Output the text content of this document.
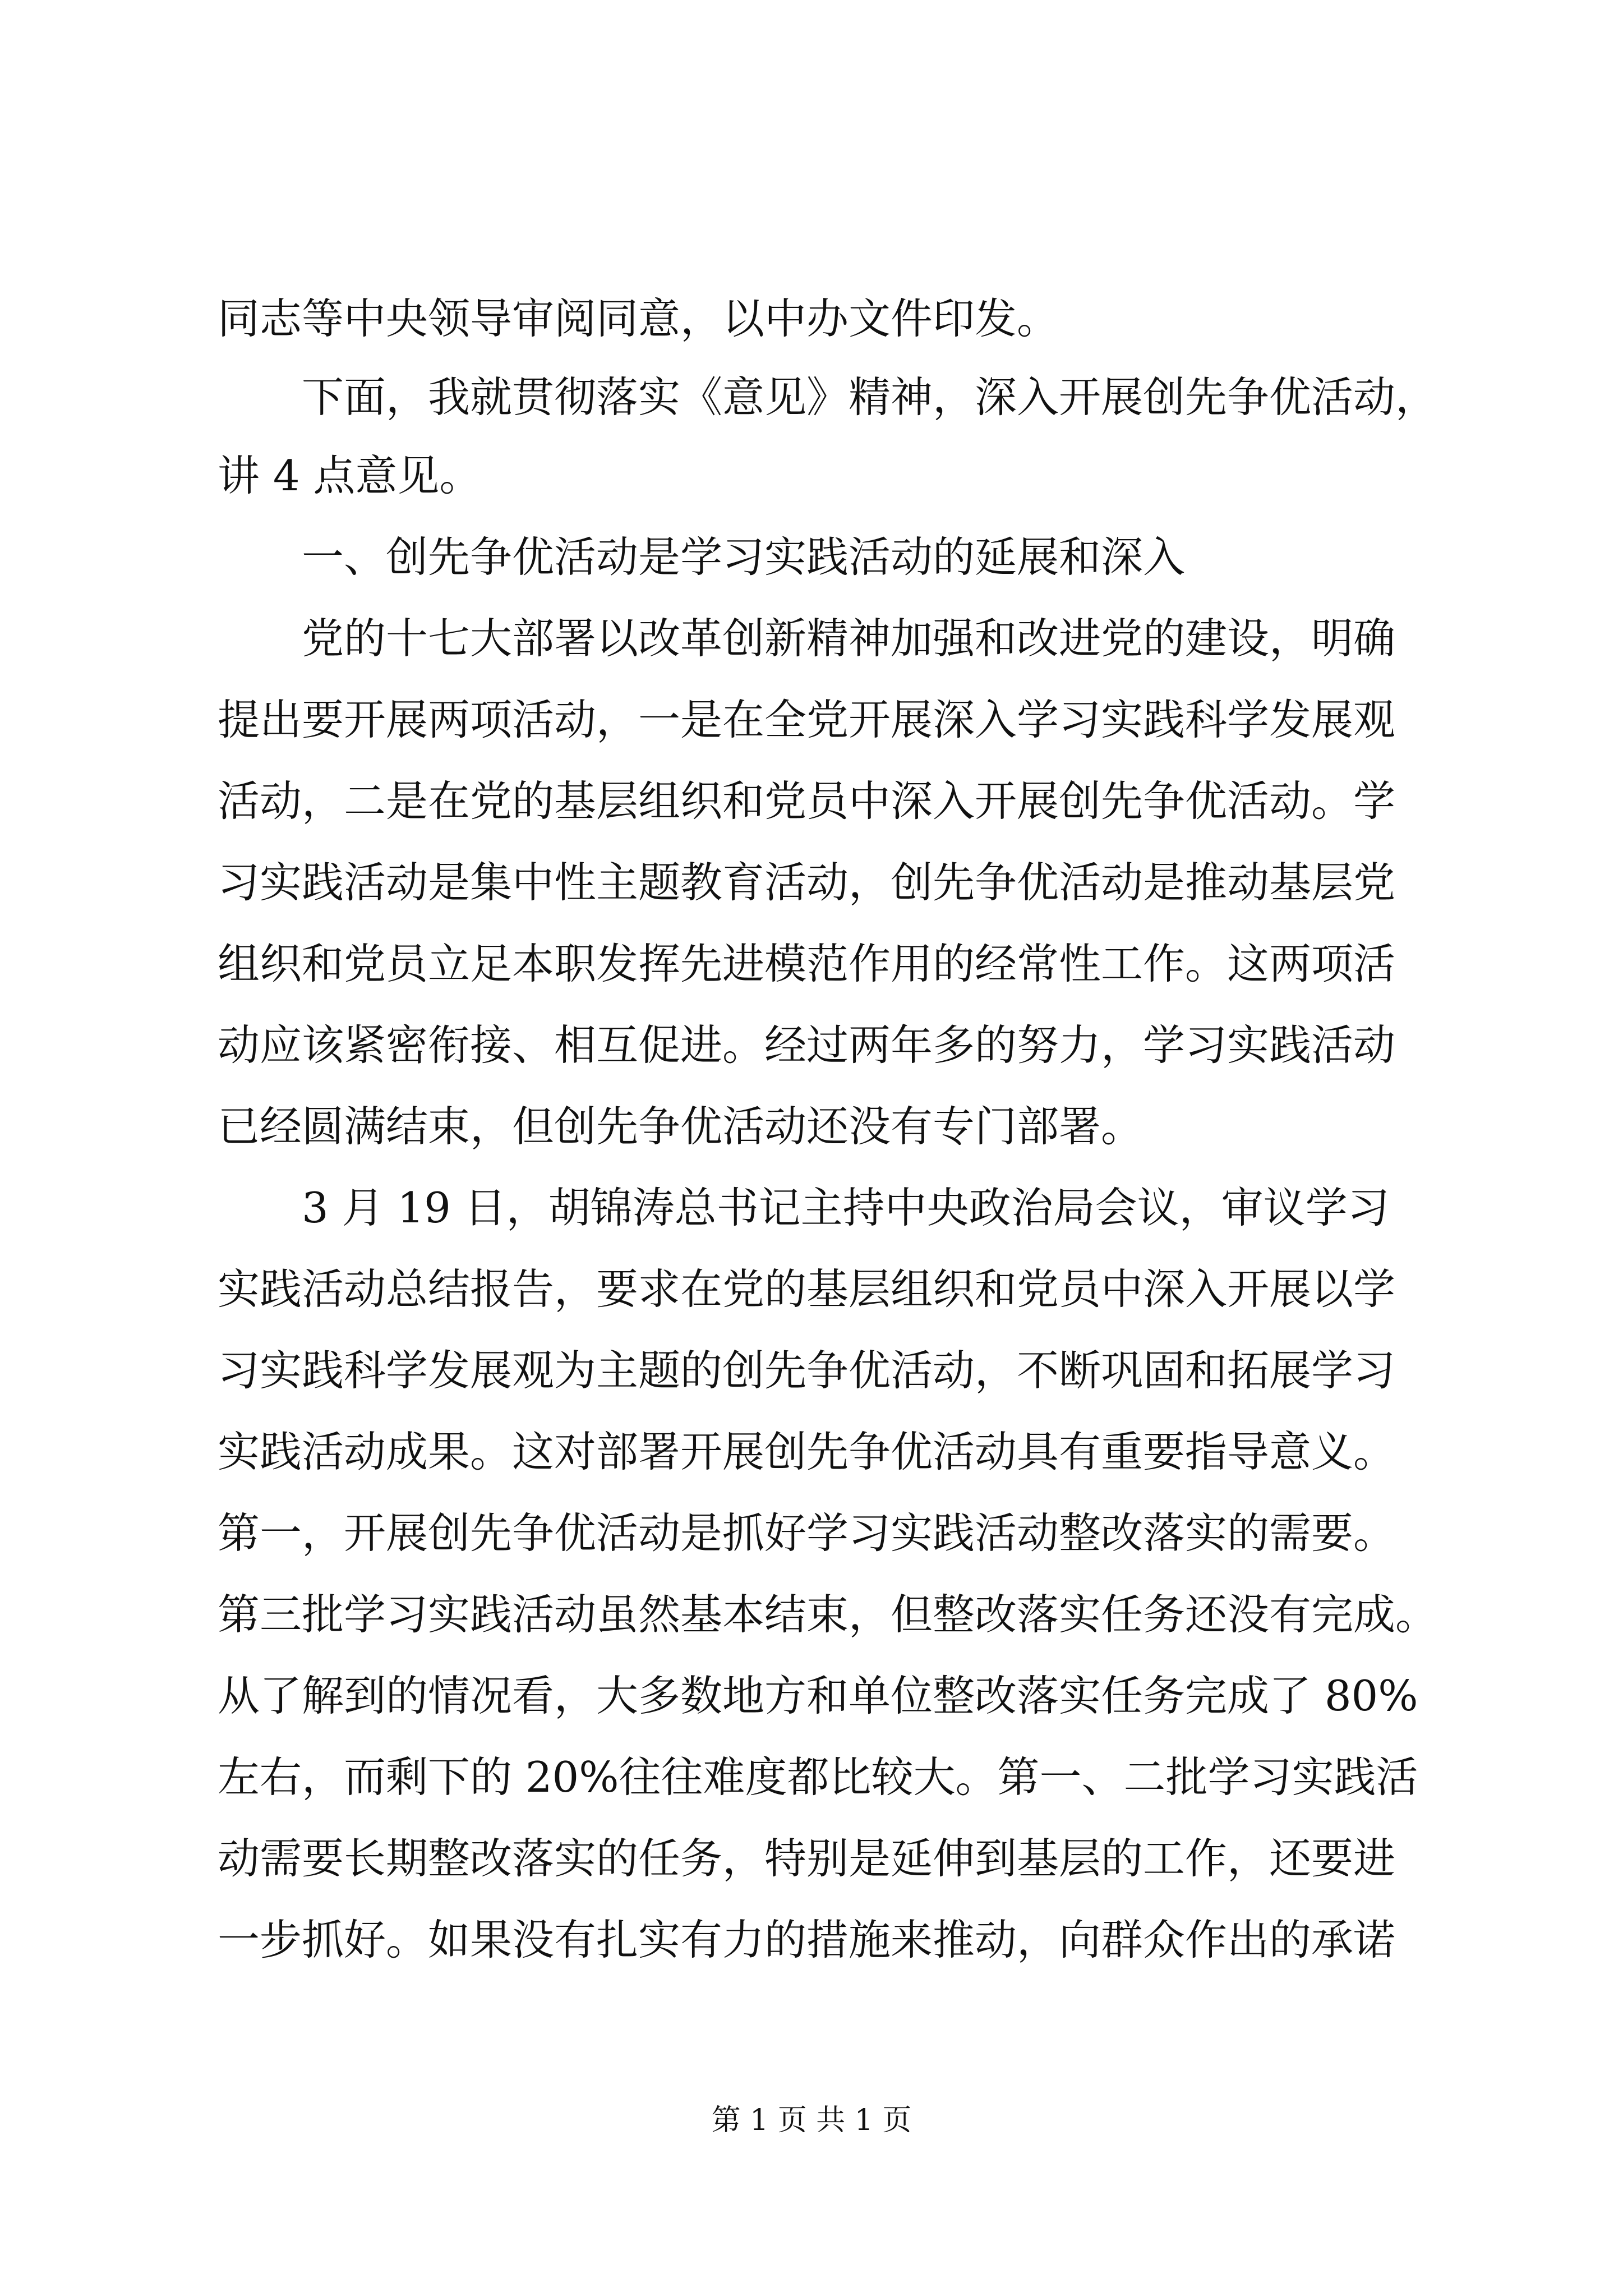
同志等中央领导审阅同意，以中办文件印发。
下面，我就贯彻落实《意见》精神，深入开展创先争优活动，
讲 4 点意见。
一、创先争优活动是学习实践活动的延展和深入
党的十七大部署以改革创新精神加强和改进党的建设，明确
提出要开展两项活动，一是在全党开展深入学习实践科学发展观
活动，二是在党的基层组织和党员中深入开展创先争优活动。学
习实践活动是集中性主题教育活动，创先争优活动是推动基层党
组织和党员立足本职发挥先进模范作用的经常性工作。这两项活
动应该紧密衔接、相互促进。经过两年多的努力，学习实践活动
已经圆满结束，但创先争优活动还没有专门部署。
3 月 19 日，胡锦涛总书记主持中央政治局会议，审议学习
实践活动总结报告，要求在党的基层组织和党员中深入开展以学
习实践科学发展观为主题的创先争优活动，不断巩固和拓展学习
实践活动成果。这对部署开展创先争优活动具有重要指导意义。
第一，开展创先争优活动是抓好学习实践活动整改落实的需要。
第三批学习实践活动虽然基本结束，但整改落实任务还没有完成。
从了解到的情况看，大多数地方和单位整改落实任务完成了 80%
左右，而剩下的 20%往往难度都比较大。第一、二批学习实践活
动需要长期整改落实的任务，特别是延伸到基层的工作，还要进
一步抓好。如果没有扎实有力的措施来推动，向群众作出的承诺
第 1 页 共 1 页
